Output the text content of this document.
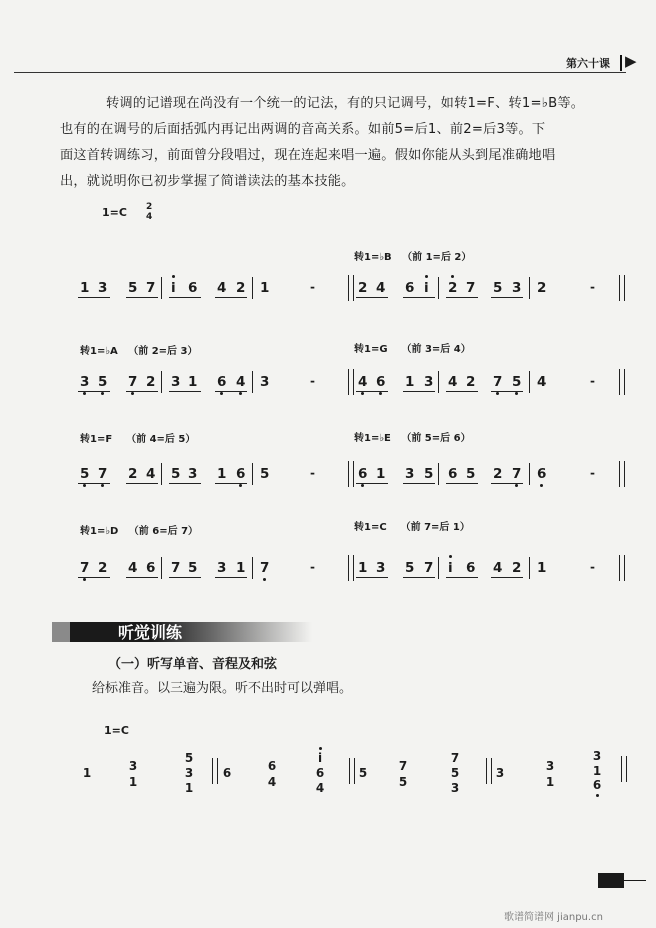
第六十课 ▶

转调的记谱现在尚没有一个统一的记法，有的只记调号，如转1=F、转1=♭B等。

也有的在调号的后面括弧内再记出两调的音高关系。如前5=后1、前2=后3等。下

面这首转调练习，前面曾分段唱过，现在连起来唱一遍。假如你能从头到尾准确地唱

出，就说明你已初步掌握了简谱读法的基本技能。

1=C 2
4
转1=♭B   （前 1=后 2）
转1=♭A   （前 2=后 3）	转1=G    （前 3=后 4）
转1=F    （前 4=后 5）	转1=♭E   （前 5=后 6）
转1=♭D   （前 6=后 7）	转1=C    （前 7=后 1）
1 3 5 7 i 6 4 2 1	-	2 4 6 i 2 7 5 3 2	-
3 5 7 2 3 1 6 4 3	-	4 6 1 3 4 2 7 5 4	-
5 7 2 4 5 3 1 6 5	-	6 1 3 5 6 5 2 7 6	-
7 2 4 6 7 5 3 1 7	-	1 3 5 7 i 6 4 2 1	-
听觉训练
（一）听写单音、音程及和弦
给标准音。以三遍为限。听不出时可以弹唱。
1=C
1	3
1
5
3
1
6	6
4
i
6
4
5	7
5
7
5
3
3	3
1
3
1
6
歌谱简谱网 jianpu.cn
